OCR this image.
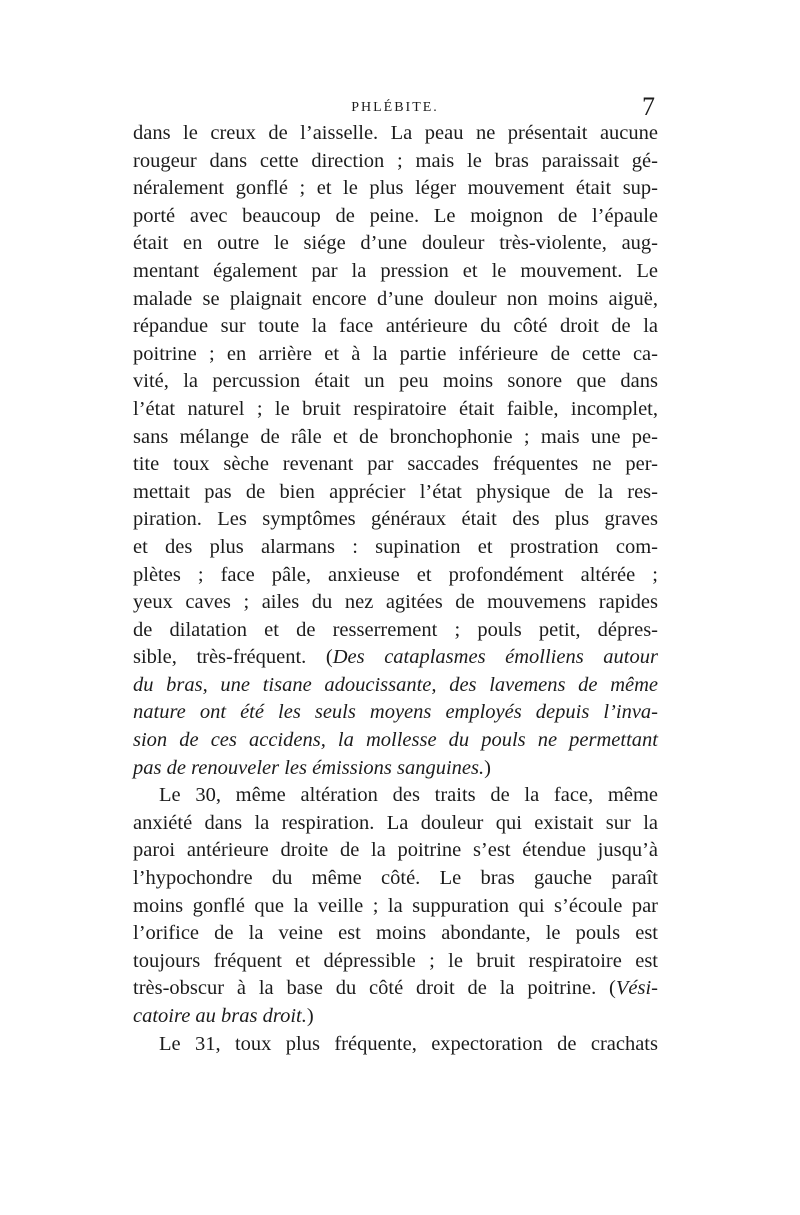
PHLÉBITE.	7
dans le creux de l’aisselle. La peau ne présentait aucune
rougeur dans cette direction ; mais le bras paraissait gé-
néralement gonflé ; et le plus léger mouvement était sup-
porté avec beaucoup de peine. Le moignon de l’épaule
était en outre le siége d’une douleur très-violente, aug-
mentant également par la pression et le mouvement. Le
malade se plaignait encore d’une douleur non moins aiguë,
répandue sur toute la face antérieure du côté droit de la
poitrine ; en arrière et à la partie inférieure de cette ca-
vité, la percussion était un peu moins sonore que dans
l’état naturel ; le bruit respiratoire était faible, incomplet,
sans mélange de râle et de bronchophonie ; mais une pe-
tite toux sèche revenant par saccades fréquentes ne per-
mettait pas de bien apprécier l’état physique de la res-
piration. Les symptômes généraux était des plus graves
et des plus alarmans : supination et prostration com-
plètes ; face pâle, anxieuse et profondément altérée ;
yeux caves ; ailes du nez agitées de mouvemens rapides
de dilatation et de resserrement ; pouls petit, dépres-
sible, très-fréquent. (Des cataplasmes émolliens autour
du bras, une tisane adoucissante, des lavemens de même
nature ont été les seuls moyens employés depuis l’inva-
sion de ces accidens, la mollesse du pouls ne permettant
pas de renouveler les émissions sanguines.)
Le 30, même altération des traits de la face, même
anxiété dans la respiration. La douleur qui existait sur la
paroi antérieure droite de la poitrine s’est étendue jusqu’à
l’hypochondre du même côté. Le bras gauche paraît
moins gonflé que la veille ; la suppuration qui s’écoule par
l’orifice de la veine est moins abondante, le pouls est
toujours fréquent et dépressible ; le bruit respiratoire est
très-obscur à la base du côté droit de la poitrine. (Vési-
catoire au bras droit.)
Le 31, toux plus fréquente, expectoration de crachats
